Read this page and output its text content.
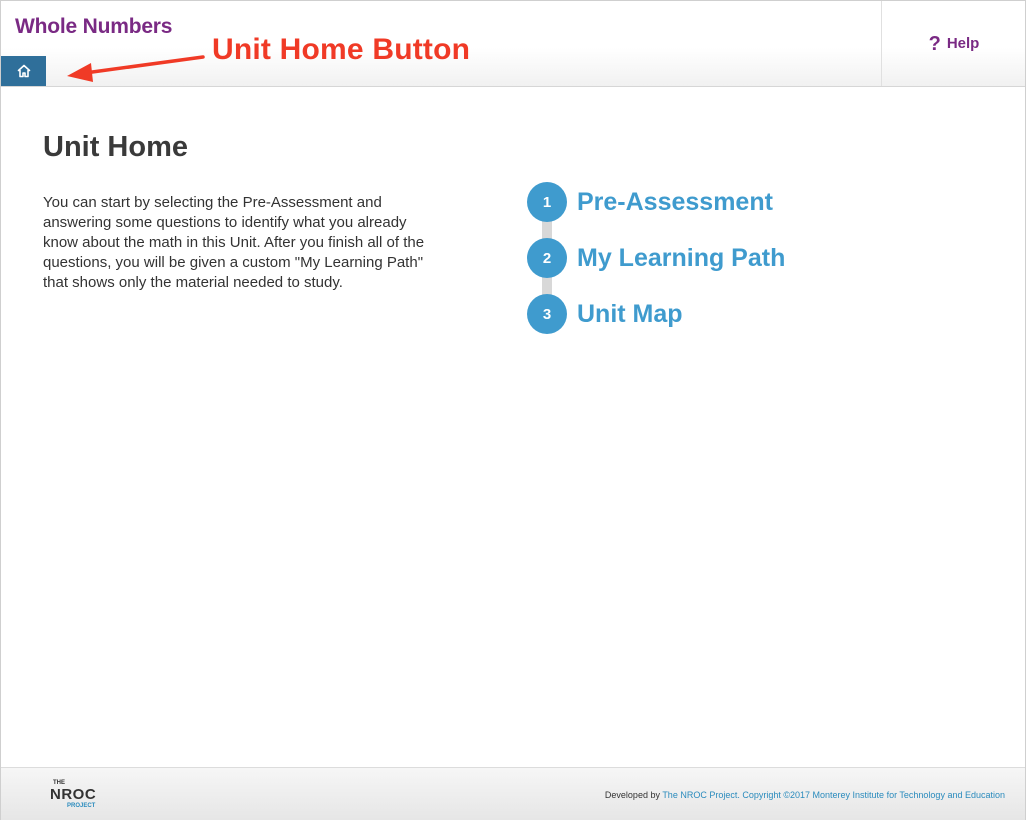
Whole Numbers
? Help
Unit Home Button
Unit Home

You can start by selecting the Pre-Assessment and answering some questions to identify what you already know about the math in this Unit. After you finish all of the questions, you will be given a custom "My Learning Path" that shows only the material needed to study.

1	Pre-Assessment
2	My Learning Path
3	Unit Map
THE
NROC
PROJECT
Developed by The NROC Project. Copyright ©2017 Monterey Institute for Technology and Education
